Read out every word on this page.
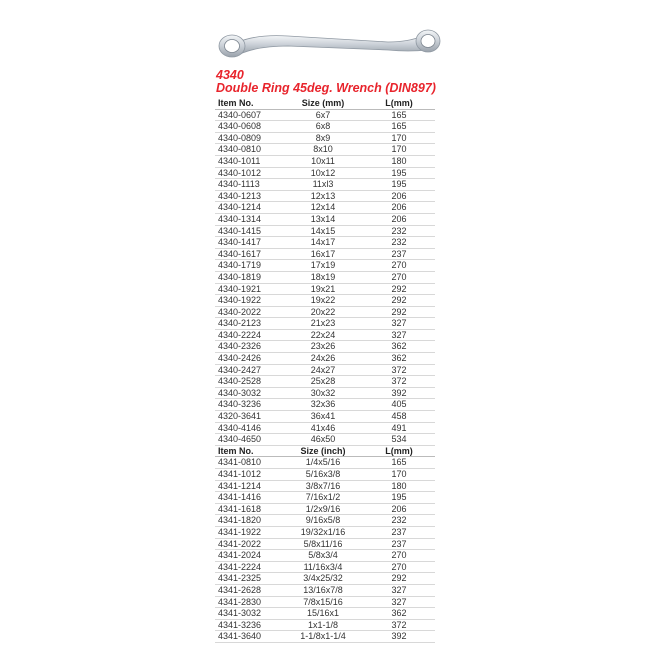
4340
Double Ring 45deg. Wrench (DIN897)
Item No.	Size (mm)	L(mm)
4340-0607	6x7	165
4340-0608	6x8	165
4340-0809	8x9	170
4340-0810	8x10	170
4340-1011	10x11	180
4340-1012	10x12	195
4340-1113	11xl3	195
4340-1213	12x13	206
4340-1214	12x14	206
4340-1314	13x14	206
4340-1415	14x15	232
4340-1417	14x17	232
4340-1617	16x17	237
4340-1719	17x19	270
4340-1819	18x19	270
4340-1921	19x21	292
4340-1922	19x22	292
4340-2022	20x22	292
4340-2123	21x23	327
4340-2224	22x24	327
4340-2326	23x26	362
4340-2426	24x26	362
4340-2427	24x27	372
4340-2528	25x28	372
4340-3032	30x32	392
4340-3236	32x36	405
4320-3641	36x41	458
4340-4146	41x46	491
4340-4650	46x50	534
Item No.	Size (inch)	L(mm)
4341-0810	1/4x5/16	165
4341-1012	5/16x3/8	170
4341-1214	3/8x7/16	180
4341-1416	7/16x1/2	195
4341-1618	1/2x9/16	206
4341-1820	9/16x5/8	232
4341-1922	19/32x1/16	237
4341-2022	5/8x11/16	237
4341-2024	5/8x3/4	270
4341-2224	11/16x3/4	270
4341-2325	3/4x25/32	292
4341-2628	13/16x7/8	327
4341-2830	7/8x15/16	327
4341-3032	15/16x1	362
4341-3236	1x1-1/8	372
4341-3640	1-1/8x1-1/4	392
